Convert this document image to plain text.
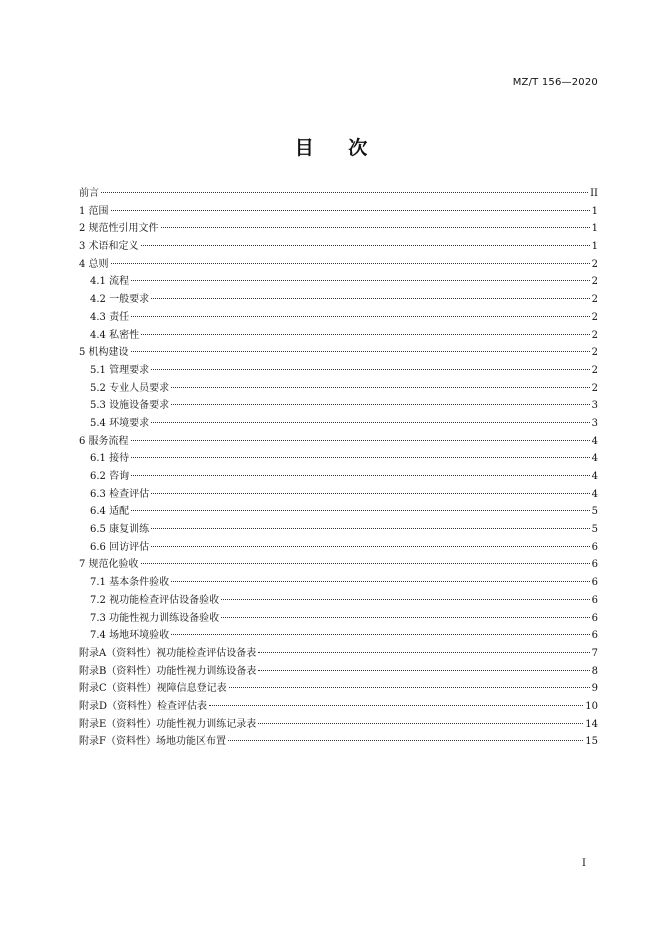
MZ/T 156—2020
目 次
前言	II
1 范围	1
2 规范性引用文件	1
3 术语和定义	1
4 总则	2
4.1 流程	2
4.2 一般要求	2
4.3 责任	2
4.4 私密性	2
5 机构建设	2
5.1 管理要求	2
5.2 专业人员要求	2
5.3 设施设备要求	3
5.4 环境要求	3
6 服务流程	4
6.1 接待	4
6.2 咨询	4
6.3 检查评估	4
6.4 适配	5
6.5 康复训练	5
6.6 回访评估	6
7 规范化验收	6
7.1 基本条件验收	6
7.2 视功能检查评估设备验收	6
7.3 功能性视力训练设备验收	6
7.4 场地环境验收	6
附录A（资料性）视功能检查评估设备表	7
附录B（资料性）功能性视力训练设备表	8
附录C（资料性）视障信息登记表	9
附录D（资料性）检查评估表	10
附录E（资料性）功能性视力训练记录表	14
附录F（资料性）场地功能区布置	15
I
